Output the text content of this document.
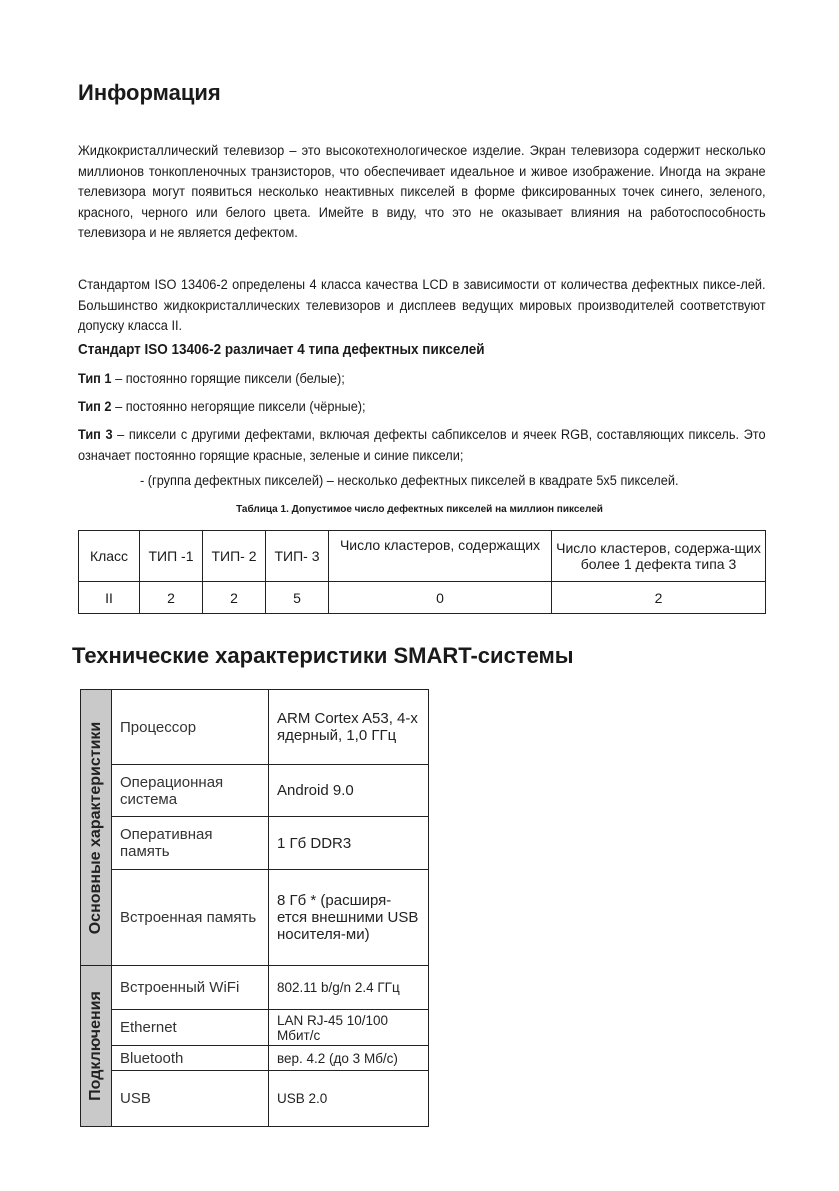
Информация
Жидкокристаллический телевизор – это высокотехнологическое изделие. Экран телевизора содержит несколько миллионов тонкопленочных транзисторов, что обеспечивает идеальное и живое изображение. Иногда на экране телевизора могут появиться несколько неактивных пикселей в форме фиксированных точек синего, зеленого, красного, черного или белого цвета. Имейте в виду, что это не оказывает влияния на работоспособность телевизора и не является дефектом.
Стандартом ISO 13406-2 определены 4 класса качества LCD в зависимости от количества дефектных пиксе-лей. Большинство жидкокристаллических телевизоров и дисплеев ведущих мировых производителей соответствуют допуску класса II.
Стандарт ISO 13406-2 различает 4 типа дефектных пикселей
Тип 1 – постоянно горящие пиксели (белые);
Тип 2 – постоянно негорящие пиксели (чёрные);
Тип 3 – пиксели с другими дефектами, включая дефекты сабпикселов и ячеек RGB, составляющих пиксель. Это означает постоянно горящие красные, зеленые и синие пиксели;
- (группа дефектных пикселей) – несколько дефектных пикселей в квадрате 5х5 пикселей.
Таблица 1. Допустимое число дефектных пикселей на миллион пикселей
Класс	ТИП -1	ТИП- 2	ТИП- 3	Число кластеров, содержащих	Число кластеров, содержа-щих более 1 дефекта типа 3
II	2	2	5	0	2
Технические характеристики SMART-системы
Основные характеристики	Процессор	ARM Cortex A53, 4-х ядерный, 1,0 ГГц
	Операционная система	Android 9.0
	Оперативная память	1 Гб DDR3
	Встроенная память	8 Гб * (расширя-ется внешними USB носителя-ми)

Подключения	Встроенный WiFi	802.11 b/g/n 2.4 ГГц
	Ethernet	LAN RJ-45 10/100 Мбит/с
	Bluetooth	вер. 4.2 (до 3 Мб/с)
	USB	USB 2.0
